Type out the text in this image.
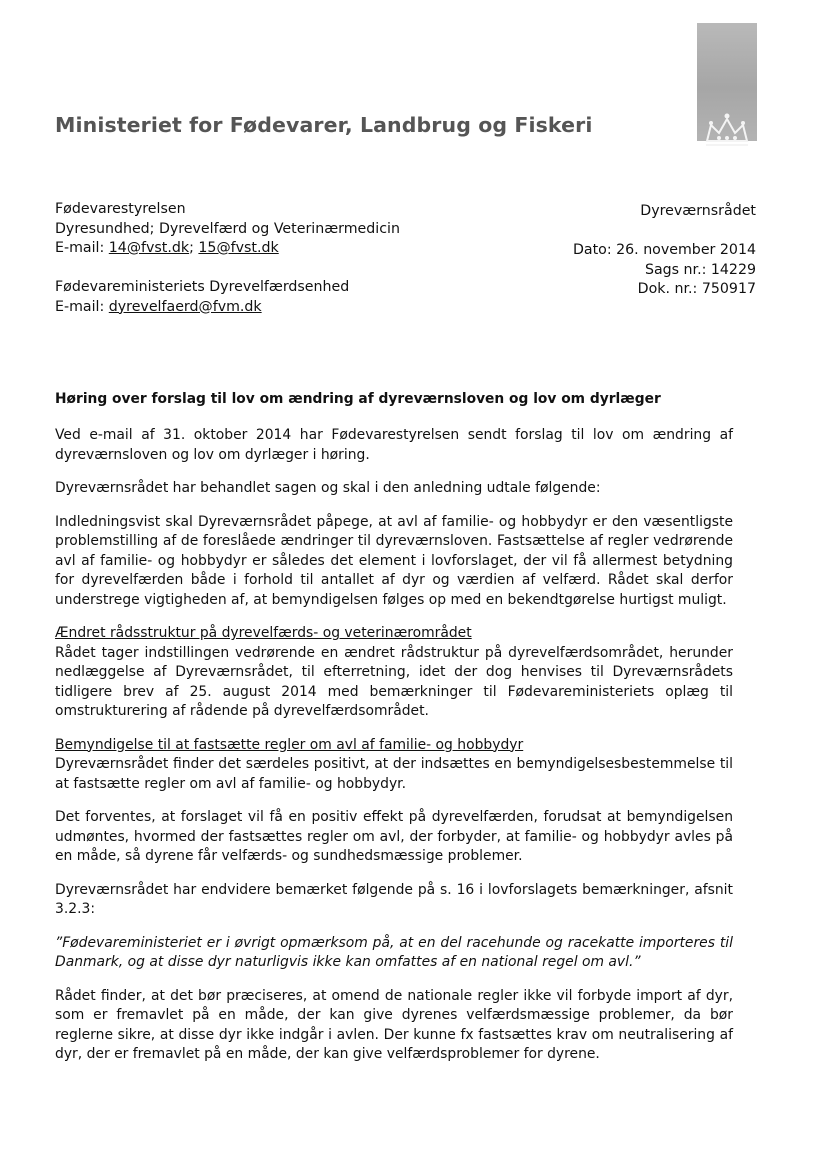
Ministeriet for Fødevarer, Landbrug og Fiskeri
Fødevarestyrelsen
Dyresundhed; Dyrevelfærd og Veterinærmedicin
E-mail: 14@fvst.dk; 15@fvst.dk
Fødevareministeriets Dyrevelfærdsenhed
E-mail: dyrevelfaerd@fvm.dk
Dyreværnsrådet
Dato: 26. november 2014
Sags nr.: 14229
Dok. nr.: 750917
Høring over forslag til lov om ændring af dyreværnsloven og lov om dyrlæger

Ved e-mail af 31. oktober 2014 har Fødevarestyrelsen sendt forslag til lov om ændring af dyreværnsloven og lov om dyrlæger i høring.

Dyreværnsrådet har behandlet sagen og skal i den anledning udtale følgende:

Indledningsvist skal Dyreværnsrådet påpege, at avl af familie- og hobbydyr er den væsentligste problemstilling af de foreslåede ændringer til dyreværnsloven. Fastsættelse af regler vedrørende avl af familie- og hobbydyr er således det element i lovforslaget, der vil få allermest betydning for dyrevelfærden både i forhold til antallet af dyr og værdien af velfærd. Rådet skal derfor understrege vigtigheden af, at bemyndigelsen følges op med en bekendtgørelse hurtigst muligt.

Ændret rådsstruktur på dyrevelfærds- og veterinærområdet

Rådet tager indstillingen vedrørende en ændret rådstruktur på dyrevelfærdsområdet, herunder nedlæggelse af Dyreværnsrådet, til efterretning, idet der dog henvises til Dyreværnsrådets tidligere brev af 25. august 2014 med bemærkninger til Fødevareministeriets oplæg til omstrukturering af rådende på dyrevelfærdsområdet.

Bemyndigelse til at fastsætte regler om avl af familie- og hobbydyr

Dyreværnsrådet finder det særdeles positivt, at der indsættes en bemyndigelsesbestemmelse til at fastsætte regler om avl af familie- og hobbydyr.

Det forventes, at forslaget vil få en positiv effekt på dyrevelfærden, forudsat at bemyndigelsen udmøntes, hvormed der fastsættes regler om avl, der forbyder, at familie- og hobbydyr avles på en måde, så dyrene får velfærds- og sundhedsmæssige problemer.

Dyreværnsrådet har endvidere bemærket følgende på s. 16 i lovforslagets bemærkninger, afsnit 3.2.3:

”Fødevareministeriet er i øvrigt opmærksom på, at en del racehunde og racekatte importeres til Danmark, og at disse dyr naturligvis ikke kan omfattes af en national regel om avl.”

Rådet finder, at det bør præciseres, at omend de nationale regler ikke vil forbyde import af dyr, som er fremavlet på en måde, der kan give dyrenes velfærdsmæssige problemer, da bør reglerne sikre, at disse dyr ikke indgår i avlen. Der kunne fx fastsættes krav om neutralisering af dyr, der er fremavlet på en måde, der kan give velfærdsproblemer for dyrene.
